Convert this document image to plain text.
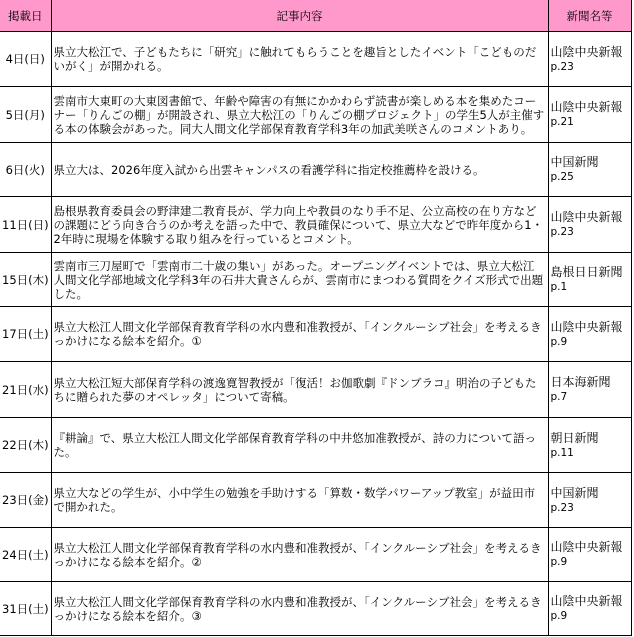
掲載日	記事内容	新聞名等
4日(日)	県立大松江で、子どもたちに「研究」に触れてもらうことを趣旨としたイベント「こどものだいがく」が開かれる。	山陰中央新報
p.23

5日(月)	雲南市大東町の大東図書館で、年齢や障害の有無にかかわらず読書が楽しめる本を集めたコーナー「りんごの棚」が開設され、県立大松江の「りんごの棚プロジェクト」の学生5人が主催する本の体験会があった。同大人間文化学部保育教育学科3年の加武美咲さんのコメントあり。	山陰中央新報
p.21

6日(火)	県立大は、2026年度入試から出雲キャンパスの看護学科に指定校推薦枠を設ける。	中国新聞
p.25

11日(日)	島根県教育委員会の野津建二教育長が、学力向上や教員のなり手不足、公立高校の在り方などの課題にどう向き合うのか考えを語った中で、教員確保について、県立大などで昨年度から1・2年時に現場を体験する取り組みを行っているとコメント。	山陰中央新報
p.23

15日(木)	雲南市三刀屋町で「雲南市二十歳の集い」があった。オープニングイベントでは、県立大松江人間文化学部地域文化学科3年の石井大貴さんらが、雲南市にまつわる質問をクイズ形式で出題した。	島根日日新聞
p.1

17日(土)	県立大松江人間文化学部保育教育学科の水内豊和准教授が、「インクルーシブ社会」を考えるきっかけになる絵本を紹介。①	山陰中央新報
p.9

21日(水)	県立大松江短大部保育学科の渡逸寛智教授が「復活！お伽歌劇『ドンブラコ』明治の子どもたちに贈られた夢のオペレッタ」について寄稿。	日本海新聞
p.7

22日(木)	『耕論』で、県立大松江人間文化学部保育教育学科の中井悠加准教授が、詩の力について語った。	朝日新聞
p.11

23日(金)	県立大などの学生が、小中学生の勉強を手助けする「算数・数学パワーアップ教室」が益田市で開かれた。	中国新聞
p.23

24日(土)	県立大松江人間文化学部保育教育学科の水内豊和准教授が、「インクルーシブ社会」を考えるきっかけになる絵本を紹介。②	山陰中央新報
p.9

31日(土)	県立大松江人間文化学部保育教育学科の水内豊和准教授が、「インクルーシブ社会」を考えるきっかけになる絵本を紹介。③	山陰中央新報
p.9
